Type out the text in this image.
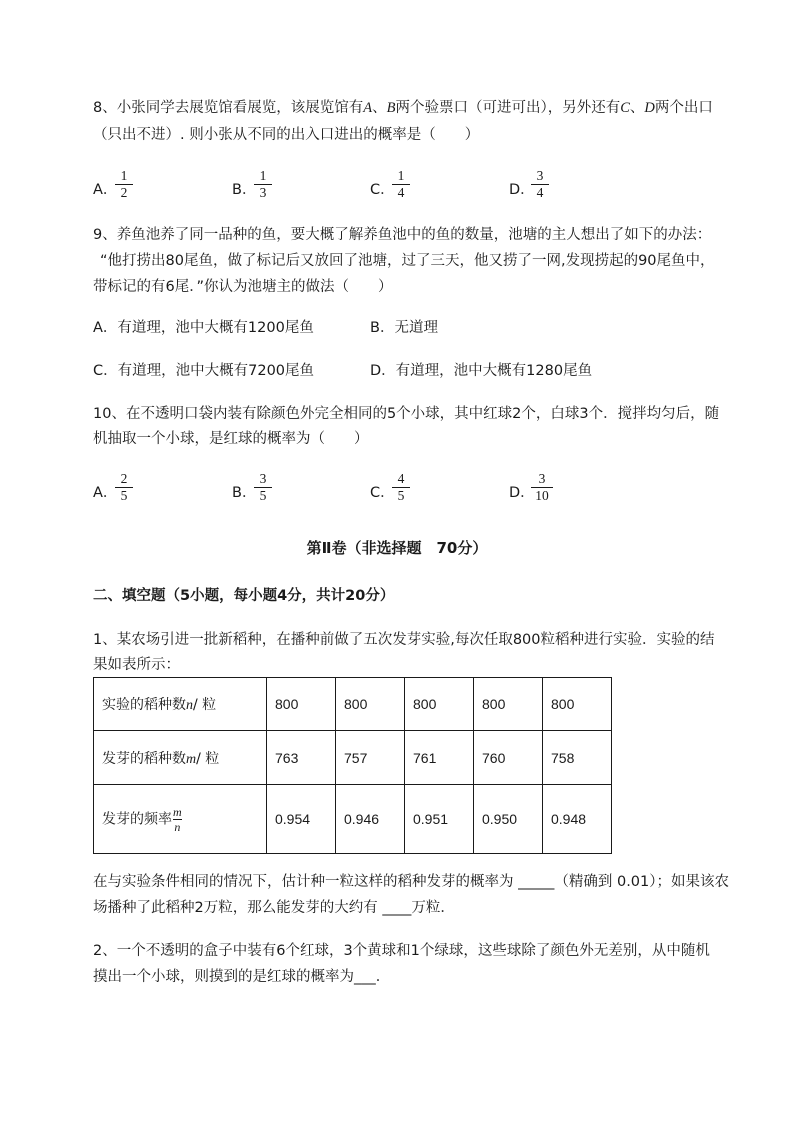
8、小张同学去展览馆看展览，该展览馆有A、B两个验票口（可进可出），另外还有C、D两个出口
（只出不进）. 则小张从不同的出入口进出的概率是（　　）
A．
1
2	B．
1
3	C．
1
4	D．
3
4
9、养鱼池养了同一品种的鱼，要大概了解养鱼池中的鱼的数量，池塘的主人想出了如下的办法：
“他打捞出80尾鱼，做了标记后又放回了池塘，过了三天，他又捞了一网,发现捞起的90尾鱼中，
带标记的有6尾．”你认为池塘主的做法（　　）
A．有道理，池中大概有1200尾鱼	B．无道理
C．有道理，池中大概有7200尾鱼	D．有道理，池中大概有1280尾鱼
10、在不透明口袋内装有除颜色外完全相同的5个小球，其中红球2个，白球3个．搅拌均匀后，随
机抽取一个小球，是红球的概率为（　　）
A．
2
5	B．
3
5	C．
4
5	D．
3
10
第Ⅱ卷（非选择题　70分）
二、填空题（5小题，每小题4分，共计20分）
1、某农场引进一批新稻种，在播种前做了五次发芽实验,每次任取800粒稻种进行实验．实验的结
果如表所示：
实验的稻种数n/ 粒	800	800	800	800	800
发芽的稻种数m/ 粒	763	757	761	760	758
发芽的频率 $\frac{m}{n}$	0.954	0.946	0.951	0.950	0.948
在与实验条件相同的情况下，估计种一粒这样的稻种发芽的概率为 _____（精确到 0.01）；如果该农
场播种了此稻种2万粒，那么能发芽的大约有 ____万粒．
2、一个不透明的盒子中装有6个红球，3个黄球和1个绿球，这些球除了颜色外无差别，从中随机
摸出一个小球，则摸到的是红球的概率为___．
